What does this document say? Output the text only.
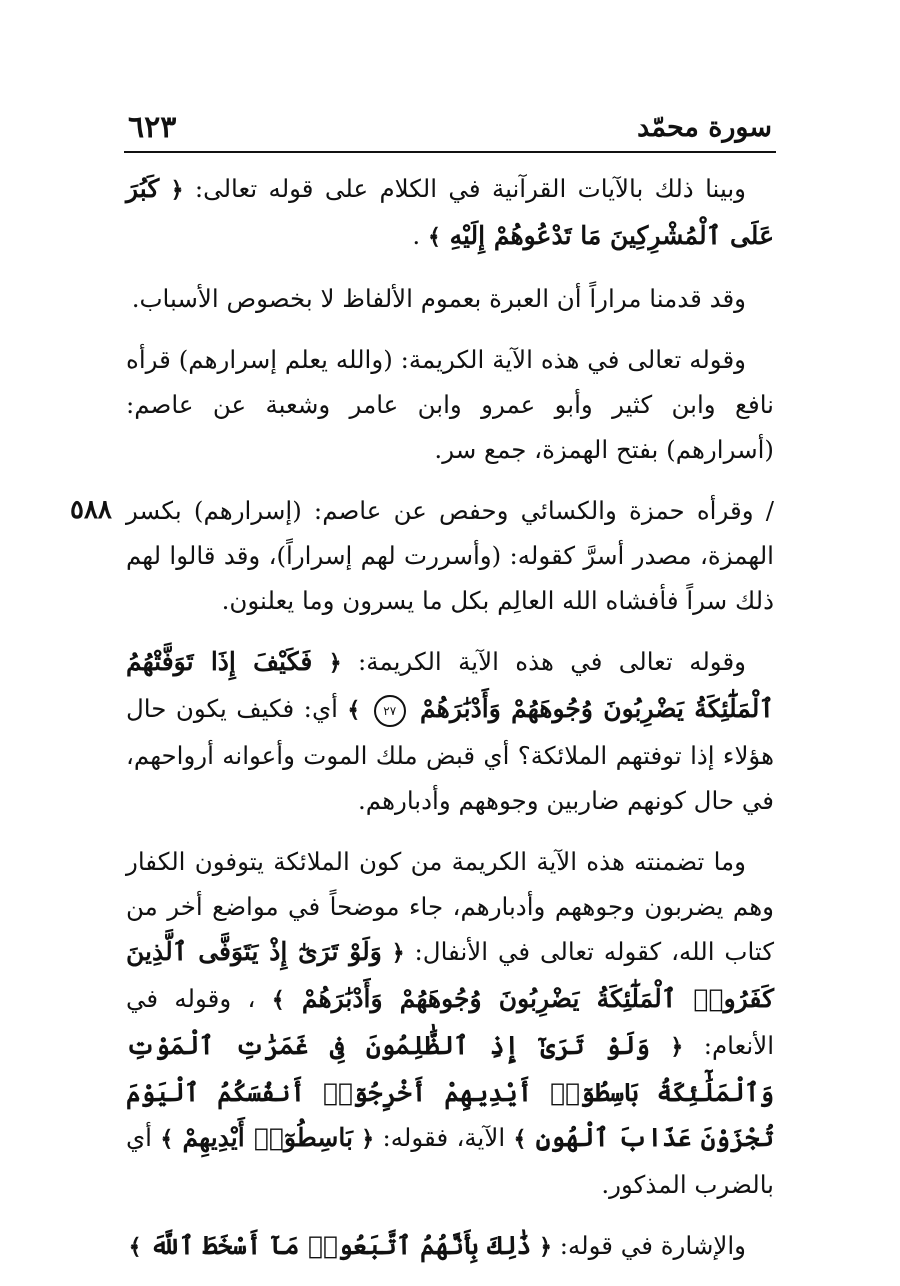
سورة محمّد
٦٢٣

وبينا ذلك بالآيات القرآنية في الكلام على قوله تعالى: ﴿ كَبُرَ عَلَى ٱلْمُشْرِكِينَ مَا تَدْعُوهُمْ إِلَيْهِ ﴾ .

وقد قدمنا مراراً أن العبرة بعموم الألفاظ لا بخصوص الأسباب.

وقوله تعالى في هذه الآية الكريمة: (والله يعلم إسرارهم) قرأه نافع وابن كثير وأبو عمرو وابن عامر وشعبة عن عاصم: (أسرارهم) بفتح الهمزة، جمع سر.

٥٨٨ / وقرأه حمزة والكسائي وحفص عن عاصم: (إسرارهم) بكسر الهمزة، مصدر أسرَّ كقوله: (وأسررت لهم إسراراً)، وقد قالوا لهم ذلك سراً فأفشاه الله العالِم بكل ما يسرون وما يعلنون.

وقوله تعالى في هذه الآية الكريمة: ﴿ فَكَيْفَ إِذَا تَوَفَّتْهُمُ ٱلْمَلَٰٓئِكَةُ يَضْرِبُونَ وُجُوهَهُمْ وَأَدْبَٰرَهُمْ ٢٧ ﴾ أي: فكيف يكون حال هؤلاء إذا توفتهم الملائكة؟ أي قبض ملك الموت وأعوانه أرواحهم، في حال كونهم ضاربين وجوههم وأدبارهم.

وما تضمنته هذه الآية الكريمة من كون الملائكة يتوفون الكفار وهم يضربون وجوههم وأدبارهم، جاء موضحاً في مواضع أخر من كتاب الله، كقوله تعالى في الأنفال: ﴿ وَلَوْ تَرَىٰٓ إِذْ يَتَوَفَّى ٱلَّذِينَ كَفَرُوا۟ ٱلْمَلَٰٓئِكَةُ يَضْرِبُونَ وُجُوهَهُمْ وَأَدْبَٰرَهُمْ ﴾ ، وقوله في الأنعام: ﴿ وَلَوْ تَرَىٰٓ إِذِ ٱلظَّٰلِمُونَ فِى غَمَرَٰتِ ٱلْمَوْتِ وَٱلْمَلَٰٓئِكَةُ بَاسِطُوٓا۟ أَيْدِيهِمْ أَخْرِجُوٓا۟ أَنفُسَكُمُ ٱلْيَوْمَ تُجْزَوْنَ عَذَابَ ٱلْهُونِ ﴾ الآية، فقوله: ﴿ بَاسِطُوٓا۟ أَيْدِيهِمْ ﴾ أي بالضرب المذكور.

والإشارة في قوله: ﴿ ذَٰلِكَ بِأَنَّهُمُ ٱتَّبَعُوا۟ مَآ أَسْخَطَ ٱللَّهَ ﴾
